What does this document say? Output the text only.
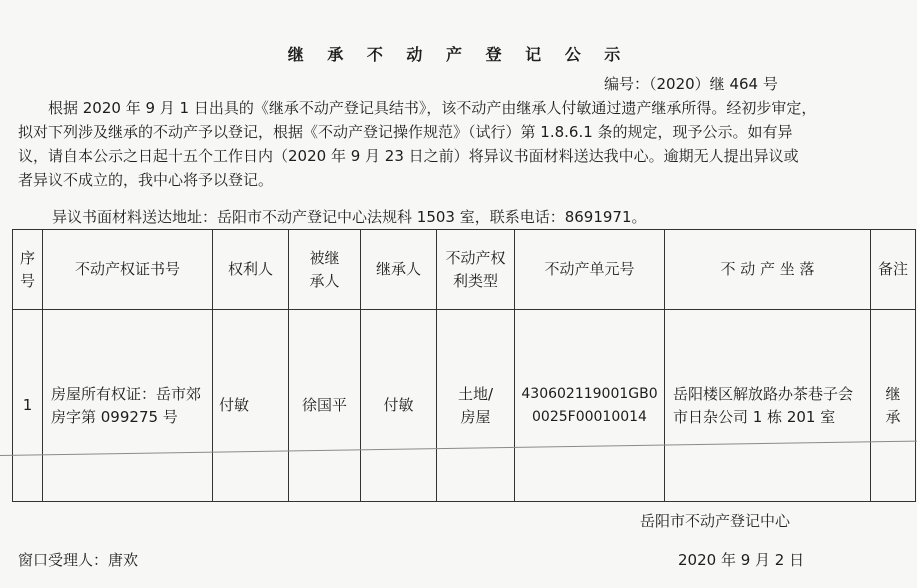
继 承 不 动 产 登 记 公 示
编号：（2020）继 464 号

　　根据 2020 年 9 月 1 日出具的《继承不动产登记具结书》，该不动产由继承人付敏通过遗产继承所得。经初步审定，
拟对下列涉及继承的不动产予以登记，根据《不动产登记操作规范》（试行）第 1.8.6.1 条的规定，现予公示。如有异
议，请自本公示之日起十五个工作日内（2020 年 9 月 23 日之前）将异议书面材料送达我中心。逾期无人提出异议或
者异议不成立的，我中心将予以登记。

异议书面材料送达地址：岳阳市不动产登记中心法规科 1503 室，联系电话：8691971。
序号	不动产权证书号	权利人	被继承人	继承人	不动产权利类型	不动产单元号	不 动 产 坐 落	备注
1	房屋所有权证：岳市郊房字第 099275 号	付敏	徐国平	付敏	土地/房屋	430602119001GB00025F00010014	岳阳楼区解放路办茶巷子会市日杂公司 1 栋 201 室	继承
岳阳市不动产登记中心
窗口受理人：唐欢	2020 年 9 月 2 日
